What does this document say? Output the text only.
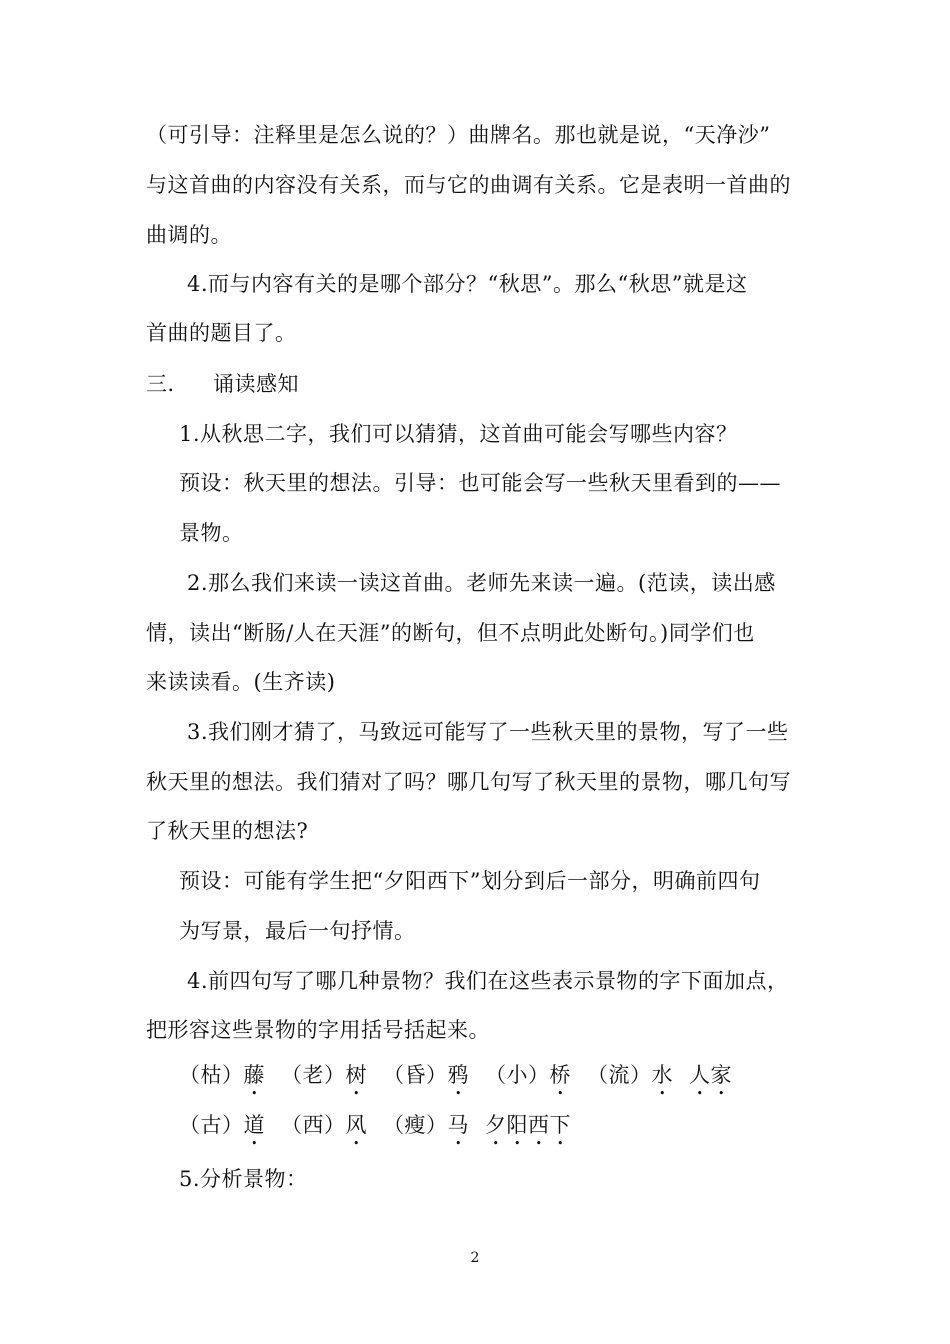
（可引导：注释里是怎么说的？）曲牌名。那也就是说，“天净沙”
与这首曲的内容没有关系，而与它的曲调有关系。它是表明一首曲的
曲调的。
4.而与内容有关的是哪个部分？“秋思”。那么“秋思”就是这
首曲的题目了。
三． 诵读感知
1.从秋思二字，我们可以猜猜，这首曲可能会写哪些内容？
预设：秋天里的想法。引导：也可能会写一些秋天里看到的——
景物。
2.那么我们来读一读这首曲。老师先来读一遍。(范读，读出感
情，读出“断肠/人在天涯”的断句，但不点明此处断句。)同学们也
来读读看。(生齐读)
3.我们刚才猜了，马致远可能写了一些秋天里的景物，写了一些
秋天里的想法。我们猜对了吗？哪几句写了秋天里的景物，哪几句写
了秋天里的想法?
预设：可能有学生把“夕阳西下”划分到后一部分，明确前四句
为写景，最后一句抒情。
4.前四句写了哪几种景物？我们在这些表示景物的字下面加点，
把形容这些景物的字用括号括起来。
（枯）藤 （老）树 （昏）鸦 （小）桥 （流）水 人家
（古）道 （西）风 （瘦）马 夕阳西下
5.分析景物：
2
